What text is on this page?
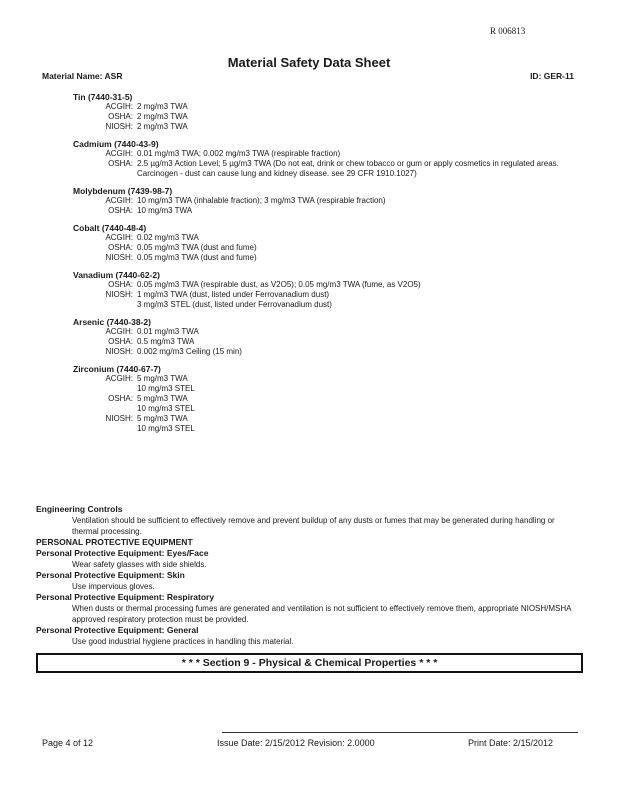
R 006813
Material Safety Data Sheet
Material Name: ASR	ID: GER-11
Tin (7440-31-5)
ACGIH: 2 mg/m3 TWA
OSHA: 2 mg/m3 TWA
NIOSH: 2 mg/m3 TWA
Cadmium (7440-43-9)
ACGIH: 0.01 mg/m3 TWA; 0.002 mg/m3 TWA (respirable fraction)
OSHA: 2.5 µg/m3 Action Level; 5 µg/m3 TWA (Do not eat, drink or chew tobacco or gum or apply cosmetics in regulated areas. Carcinogen - dust can cause lung and kidney disease. see 29 CFR 1910.1027)
Molybdenum (7439-98-7)
ACGIH: 10 mg/m3 TWA (inhalable fraction); 3 mg/m3 TWA (respirable fraction)
OSHA: 10 mg/m3 TWA
Cobalt (7440-48-4)
ACGIH: 0.02 mg/m3 TWA
OSHA: 0.05 mg/m3 TWA (dust and fume)
NIOSH: 0.05 mg/m3 TWA (dust and fume)
Vanadium (7440-62-2)
OSHA: 0.05 mg/m3 TWA (respirable dust, as V2O5); 0.05 mg/m3 TWA (fume, as V2O5)
NIOSH: 1 mg/m3 TWA (dust, listed under Ferrovanadium dust)
3 mg/m3 STEL (dust, listed under Ferrovanadium dust)
Arsenic (7440-38-2)
ACGIH: 0.01 mg/m3 TWA
OSHA: 0.5 mg/m3 TWA
NIOSH: 0.002 mg/m3 Ceiling (15 min)
Zirconium (7440-67-7)
ACGIH: 5 mg/m3 TWA
10 mg/m3 STEL
OSHA: 5 mg/m3 TWA
10 mg/m3 STEL
NIOSH: 5 mg/m3 TWA
10 mg/m3 STEL
Engineering Controls
Ventilation should be sufficient to effectively remove and prevent buildup of any dusts or fumes that may be generated during handling or thermal processing.
PERSONAL PROTECTIVE EQUIPMENT
Personal Protective Equipment: Eyes/Face
Wear safety glasses with side shields.
Personal Protective Equipment: Skin
Use impervious gloves.
Personal Protective Equipment: Respiratory
When dusts or thermal processing fumes are generated and ventilation is not sufficient to effectively remove them, appropriate NIOSH/MSHA approved respiratory protection must be provided.
Personal Protective Equipment: General
Use good industrial hygiene practices in handling this material.
* * * Section 9 - Physical & Chemical Properties * * *
Page 4 of 12	Issue Date: 2/15/2012 Revision: 2.0000	Print Date: 2/15/2012
